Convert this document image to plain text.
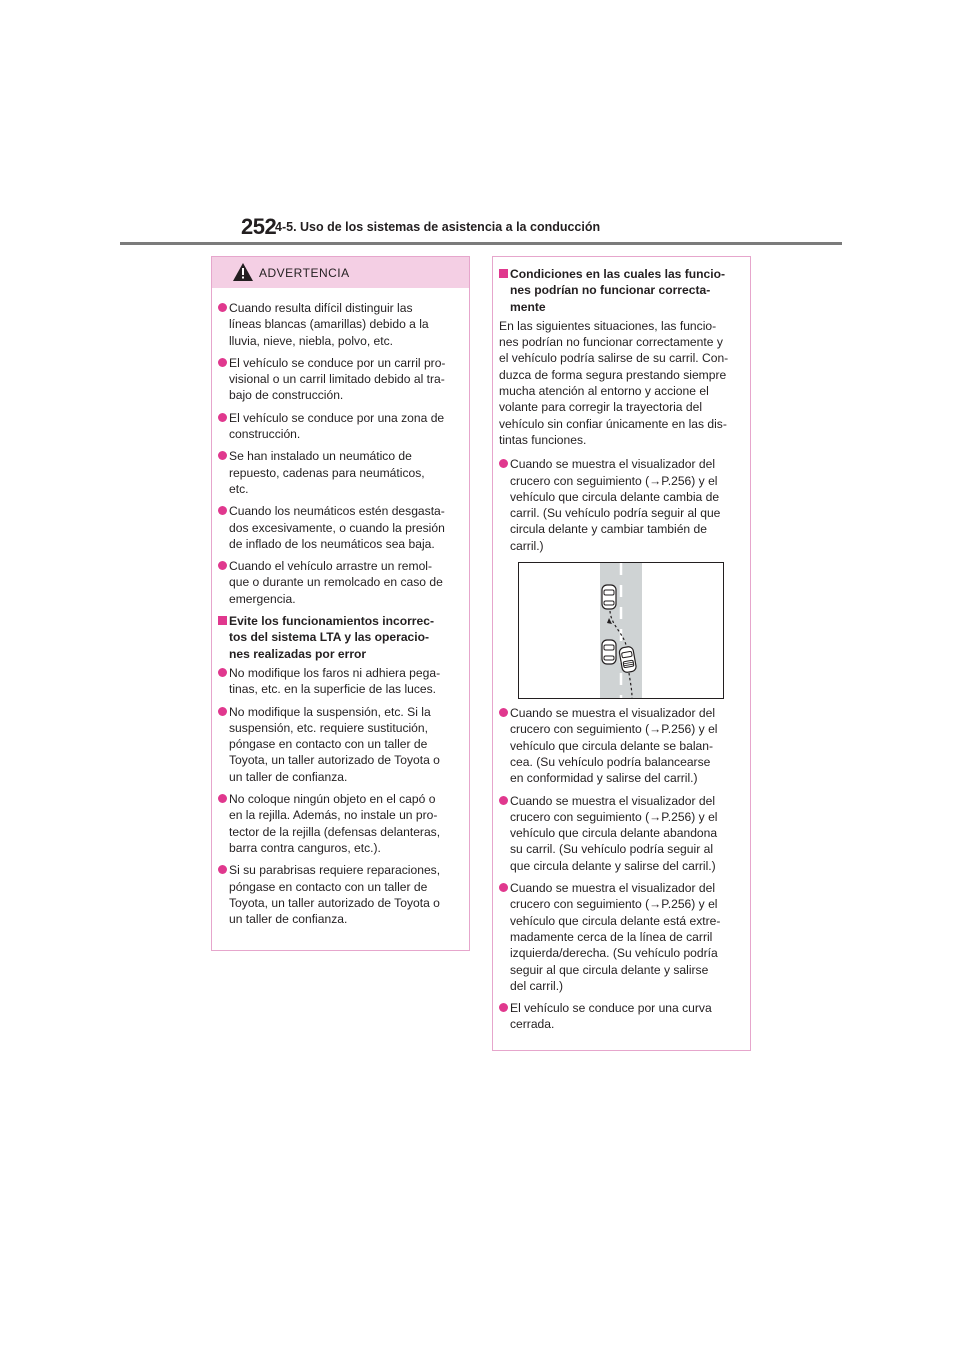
252
4-5. Uso de los sistemas de asistencia a la conducción
ADVERTENCIA
Cuando resulta difícil distinguir las
líneas blancas (amarillas) debido a la
lluvia, nieve, niebla, polvo, etc.
El vehículo se conduce por un carril pro-
visional o un carril limitado debido al tra-
bajo de construcción.
El vehículo se conduce por una zona de
construcción.
Se han instalado un neumático de
repuesto, cadenas para neumáticos,
etc.
Cuando los neumáticos estén desgasta-
dos excesivamente, o cuando la presión
de inflado de los neumáticos sea baja.
Cuando el vehículo arrastre un remol-
que o durante un remolcado en caso de
emergencia.
Evite los funcionamientos incorrec-
tos del sistema LTA y las operacio-
nes realizadas por error
No modifique los faros ni adhiera pega-
tinas, etc. en la superficie de las luces.
No modifique la suspensión, etc. Si la
suspensión, etc. requiere sustitución,
póngase en contacto con un taller de
Toyota, un taller autorizado de Toyota o
un taller de confianza.
No coloque ningún objeto en el capó o
en la rejilla. Además, no instale un pro-
tector de la rejilla (defensas delanteras,
barra contra canguros, etc.).
Si su parabrisas requiere reparaciones,
póngase en contacto con un taller de
Toyota, un taller autorizado de Toyota o
un taller de confianza.
Condiciones en las cuales las funcio-
nes podrían no funcionar correcta-
mente
En las siguientes situaciones, las funcio-
nes podrían no funcionar correctamente y
el vehículo podría salirse de su carril. Con-
duzca de forma segura prestando siempre
mucha atención al entorno y accione el
volante para corregir la trayectoria del
vehículo sin confiar únicamente en las dis-
tintas funciones.
Cuando se muestra el visualizador del
crucero con seguimiento (→P.256) y el
vehículo que circula delante cambia de
carril. (Su vehículo podría seguir al que
circula delante y cambiar también de
carril.)
Cuando se muestra el visualizador del
crucero con seguimiento (→P.256) y el
vehículo que circula delante se balan-
cea. (Su vehículo podría balancearse
en conformidad y salirse del carril.)
Cuando se muestra el visualizador del
crucero con seguimiento (→P.256) y el
vehículo que circula delante abandona
su carril. (Su vehículo podría seguir al
que circula delante y salirse del carril.)
Cuando se muestra el visualizador del
crucero con seguimiento (→P.256) y el
vehículo que circula delante está extre-
madamente cerca de la línea de carril
izquierda/derecha. (Su vehículo podría
seguir al que circula delante y salirse
del carril.)
El vehículo se conduce por una curva
cerrada.
